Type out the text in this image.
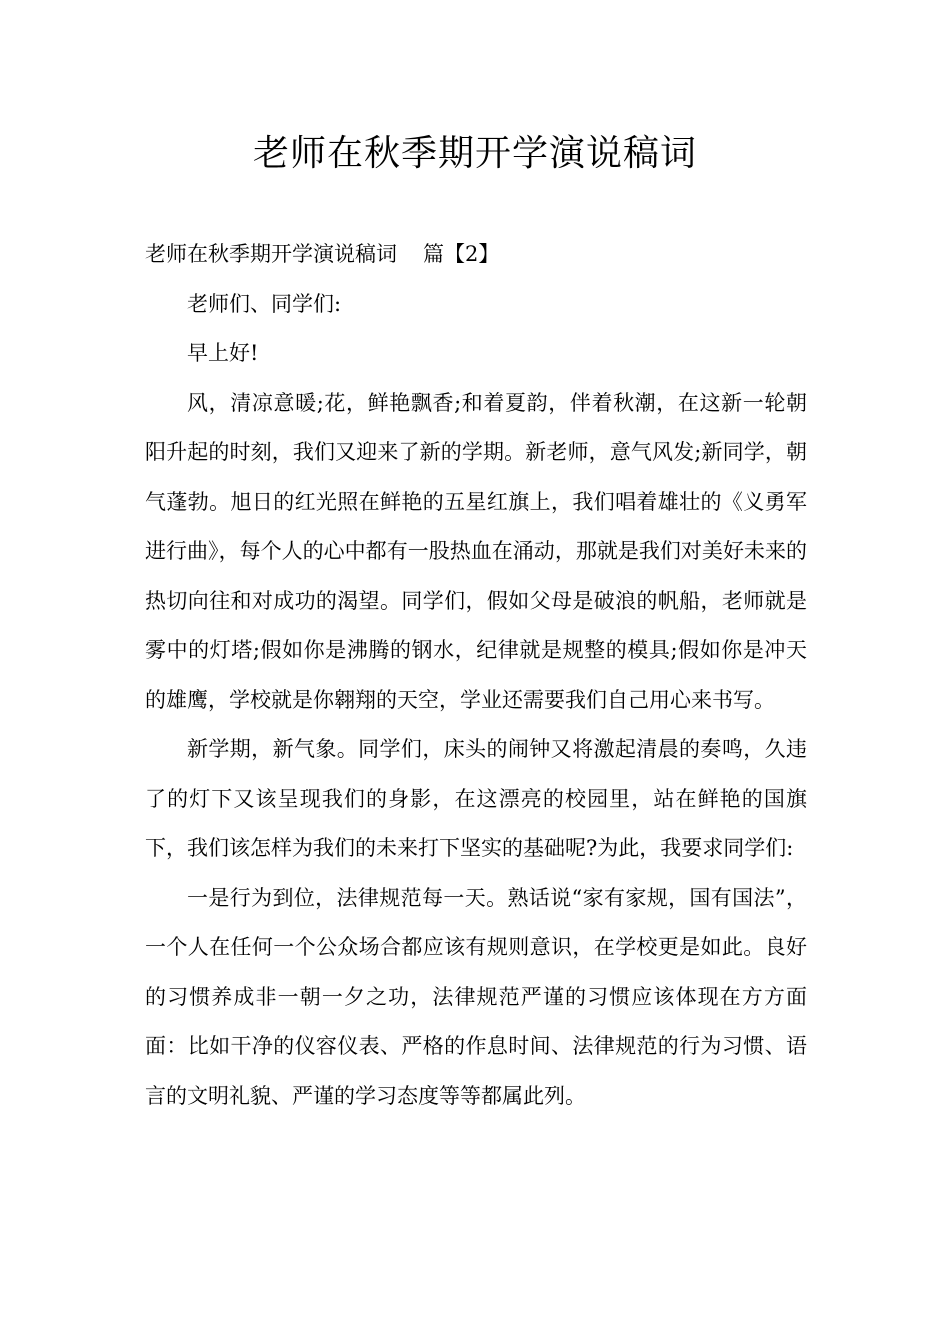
老师在秋季期开学演说稿词

老师在秋季期开学演说稿词 篇【2】

老师们、同学们:

早上好!

风，清凉意暖;花，鲜艳飘香;和着夏韵，伴着秋潮，在这新一轮朝阳升起的时刻，我们又迎来了新的学期。新老师，意气风发;新同学，朝气蓬勃。旭日的红光照在鲜艳的五星红旗上，我们唱着雄壮的《义勇军进行曲》，每个人的心中都有一股热血在涌动，那就是我们对美好未来的热切向往和对成功的渴望。同学们，假如父母是破浪的帆船，老师就是雾中的灯塔;假如你是沸腾的钢水，纪律就是规整的模具;假如你是冲天的雄鹰，学校就是你翱翔的天空，学业还需要我们自己用心来书写。

新学期，新气象。同学们，床头的闹钟又将激起清晨的奏鸣，久违了的灯下又该呈现我们的身影，在这漂亮的校园里，站在鲜艳的国旗下，我们该怎样为我们的未来打下坚实的基础呢?为此，我要求同学们:

一是行为到位，法律规范每一天。熟话说“家有家规，国有国法”，一个人在任何一个公众场合都应该有规则意识，在学校更是如此。良好的习惯养成非一朝一夕之功，法律规范严谨的习惯应该体现在方方面面：比如干净的仪容仪表、严格的作息时间、法律规范的行为习惯、语言的文明礼貌、严谨的学习态度等等都属此列。
